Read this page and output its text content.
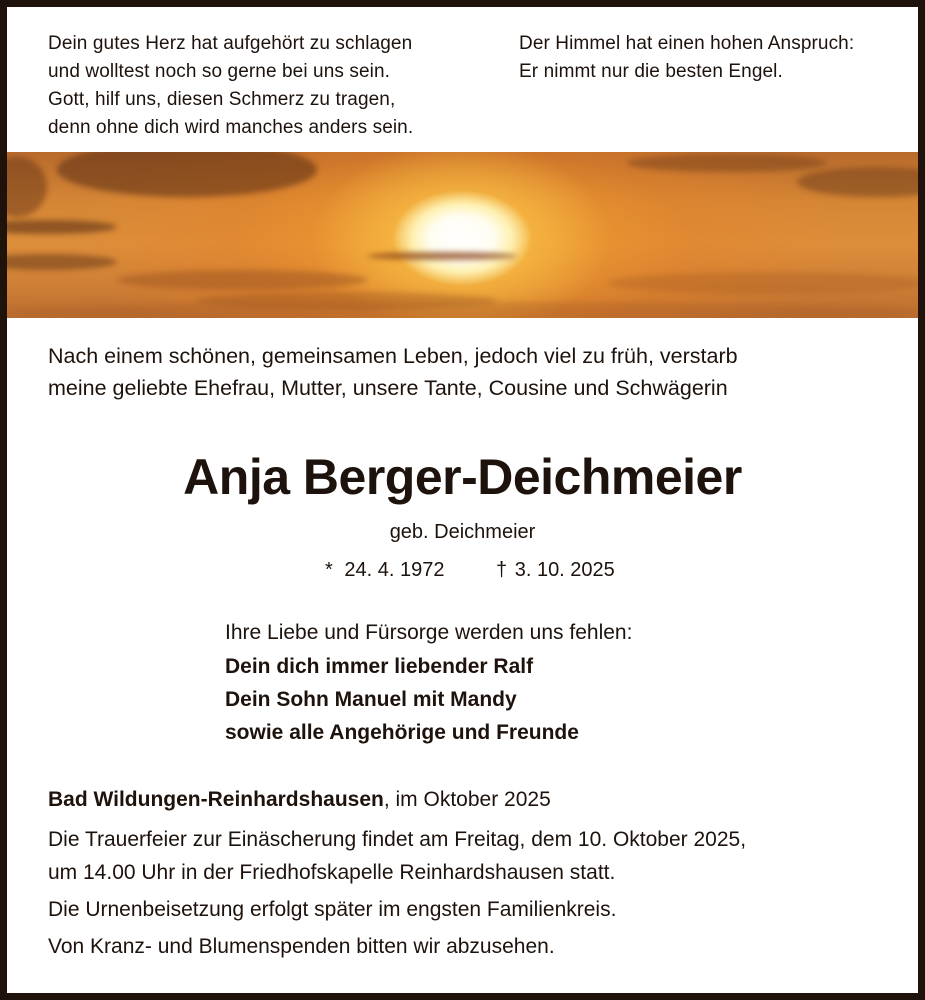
Dein gutes Herz hat aufgehört zu schlagen
und wolltest noch so gerne bei uns sein.
Gott, hilf uns, diesen Schmerz zu tragen,
denn ohne dich wird manches anders sein.
Der Himmel hat einen hohen Anspruch:
Er nimmt nur die besten Engel.
Nach einem schönen, gemeinsamen Leben, jedoch viel zu früh, verstarb
meine geliebte Ehefrau, Mutter, unsere Tante, Cousine und Schwägerin
Anja Berger-Deichmeier
geb. Deichmeier
* 24. 4. 1972	† 3. 10. 2025
Ihre Liebe und Fürsorge werden uns fehlen:
Dein dich immer liebender Ralf
Dein Sohn Manuel mit Mandy
sowie alle Angehörige und Freunde
Bad Wildungen-Reinhardshausen, im Oktober 2025
Die Trauerfeier zur Einäscherung findet am Freitag, dem 10. Oktober 2025,
um 14.00 Uhr in der Friedhofskapelle Reinhardshausen statt.
Die Urnenbeisetzung erfolgt später im engsten Familienkreis.
Von Kranz- und Blumenspenden bitten wir abzusehen.
